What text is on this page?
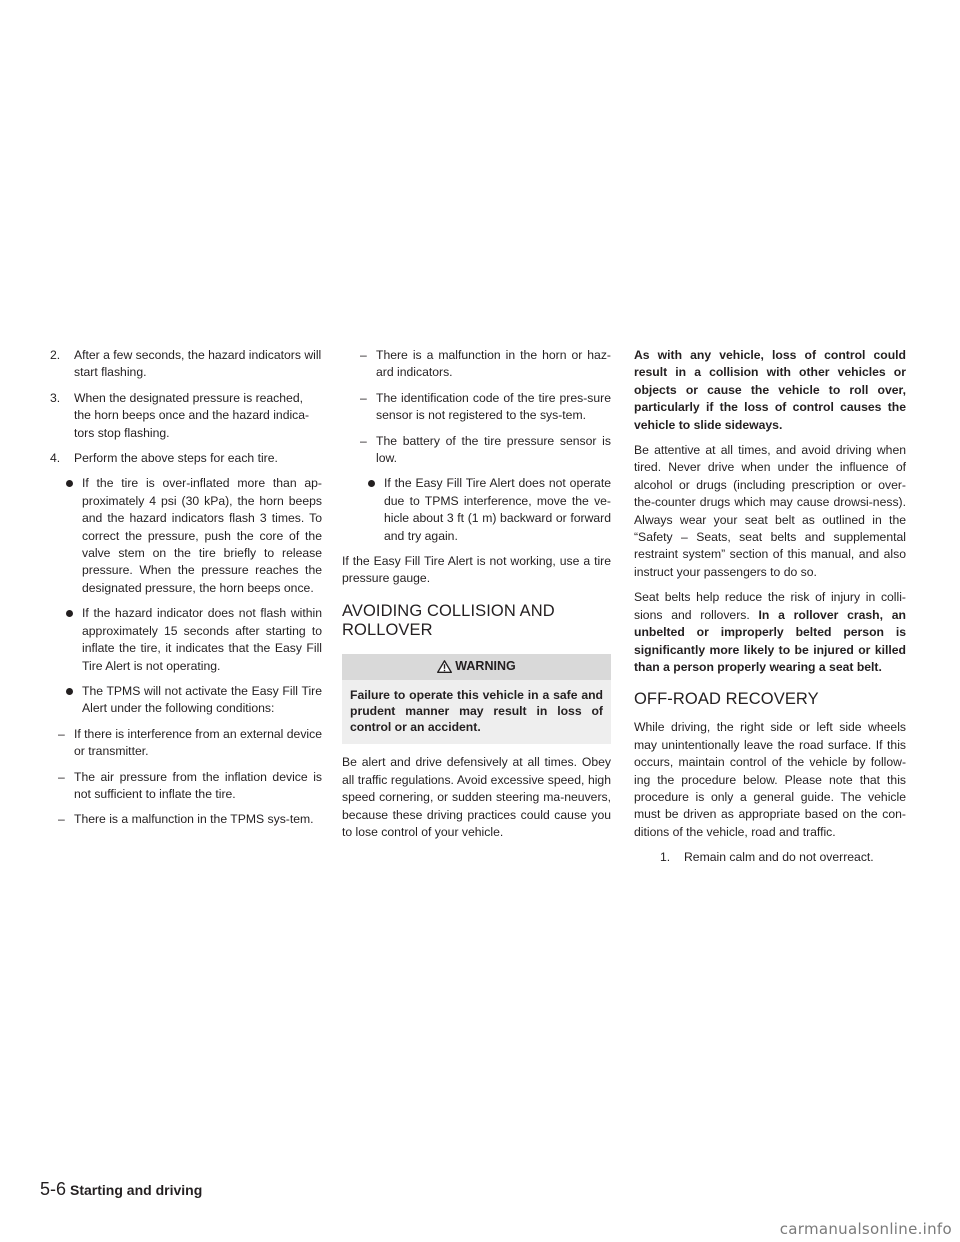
2. After a few seconds, the hazard indicators will start flashing.
3. When the designated pressure is reached, the horn beeps once and the hazard indica-tors stop flashing.
4. Perform the above steps for each tire.
If the tire is over-inflated more than ap-proximately 4 psi (30 kPa), the horn beeps and the hazard indicators flash 3 times. To correct the pressure, push the core of the valve stem on the tire briefly to release pressure. When the pressure reaches the designated pressure, the horn beeps once.
If the hazard indicator does not flash within approximately 15 seconds after starting to inflate the tire, it indicates that the Easy Fill Tire Alert is not operating.
The TPMS will not activate the Easy Fill Tire Alert under the following conditions:
– If there is interference from an external device or transmitter.
– The air pressure from the inflation device is not sufficient to inflate the tire.
– There is a malfunction in the TPMS sys-tem.
– There is a malfunction in the horn or haz-ard indicators.
– The identification code of the tire pres-sure sensor is not registered to the sys-tem.
– The battery of the tire pressure sensor is low.
If the Easy Fill Tire Alert does not operate due to TPMS interference, move the ve-hicle about 3 ft (1 m) backward or forward and try again.

If the Easy Fill Tire Alert is not working, use a tire pressure gauge.

AVOIDING COLLISION AND
ROLLOVER
WARNING
Failure to operate this vehicle in a safe and prudent manner may result in loss of control or an accident.

Be alert and drive defensively at all times. Obey all traffic regulations. Avoid excessive speed, high speed cornering, or sudden steering ma-neuvers, because these driving practices could cause you to lose control of your vehicle.

As with any vehicle, loss of control could result in a collision with other vehicles or objects or cause the vehicle to roll over, particularly if the loss of control causes the vehicle to slide sideways.

Be attentive at all times, and avoid driving when tired. Never drive when under the influence of alcohol or drugs (including prescription or over-the-counter drugs which may cause drowsi-ness). Always wear your seat belt as outlined in the “Safety – Seats, seat belts and supplemental restraint system” section of this manual, and also instruct your passengers to do so.

Seat belts help reduce the risk of injury in colli-sions and rollovers. In a rollover crash, an unbelted or improperly belted person is significantly more likely to be injured or killed than a person properly wearing a seat belt.

OFF-ROAD RECOVERY

While driving, the right side or left side wheels may unintentionally leave the road surface. If this occurs, maintain control of the vehicle by follow-ing the procedure below. Please note that this procedure is only a general guide. The vehicle must be driven as appropriate based on the con-ditions of the vehicle, road and traffic.

1. Remain calm and do not overreact.
5-6 Starting and driving
carmanualsonline.info
